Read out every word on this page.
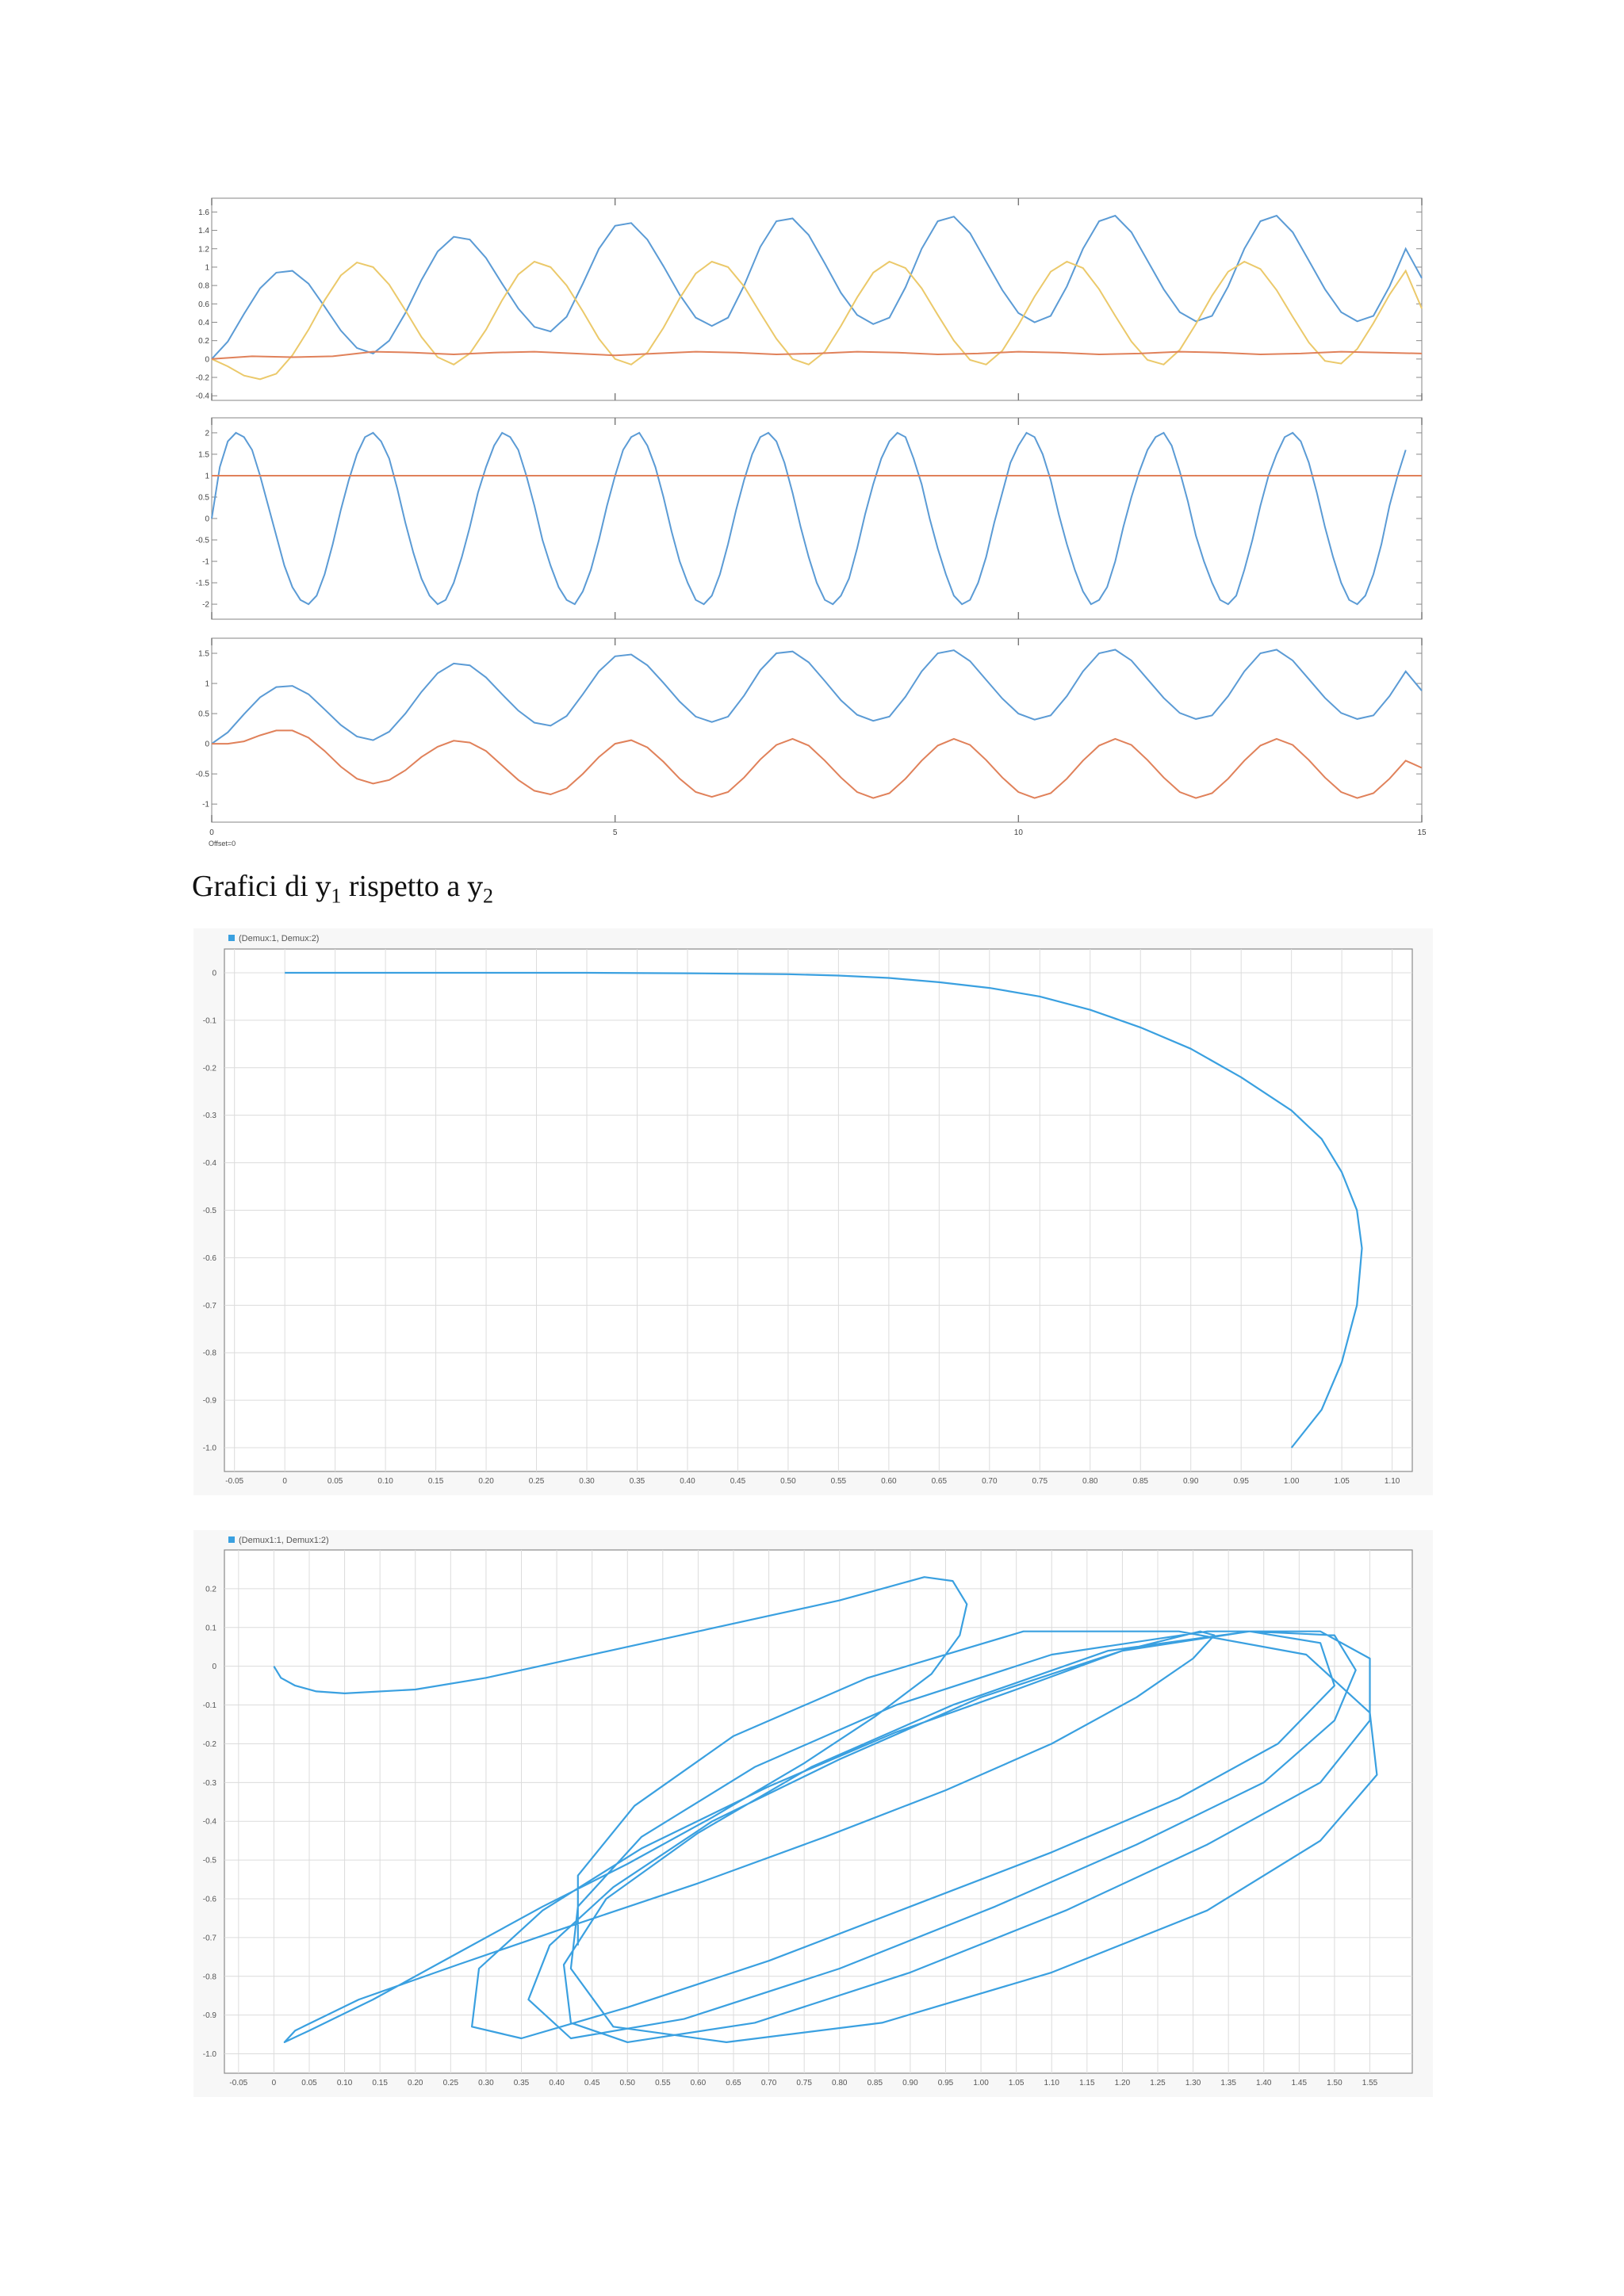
-0.4
-0.2
0
0.2
0.4
0.6
0.8
1
1.2
1.4
1.6
-2
-1.5
-1
-0.5
0
0.5
1
1.5
2
-1
-0.5
0
0.5
1
1.5
0	5	10	15
Offset=0
Grafici di $y_1$ rispetto a $y_2$
-0.05	0	0.05	0.10	0.15	0.20	0.25	0.30	0.35	0.40	0.45	0.50	0.55	0.60	0.65	0.70	0.75	0.80	0.85	0.90	0.95	1.00	1.05	1.10
0
-0.1
-0.2
-0.3
-0.4
-0.5
-0.6
-0.7
-0.8
-0.9
-1.0
(Demux:1, Demux:2)
-0.05	0	0.05	0.10	0.15	0.20	0.25	0.30	0.35	0.40	0.45	0.50	0.55	0.60	0.65	0.70	0.75	0.80	0.85	0.90	0.95	1.00	1.05	1.10	1.15	1.20	1.25	1.30	1.35	1.40	1.45	1.50	1.55
0.2
0.1
0
-0.1
-0.2
-0.3
-0.4
-0.5
-0.6
-0.7
-0.8
-0.9
-1.0
(Demux1:1, Demux1:2)
